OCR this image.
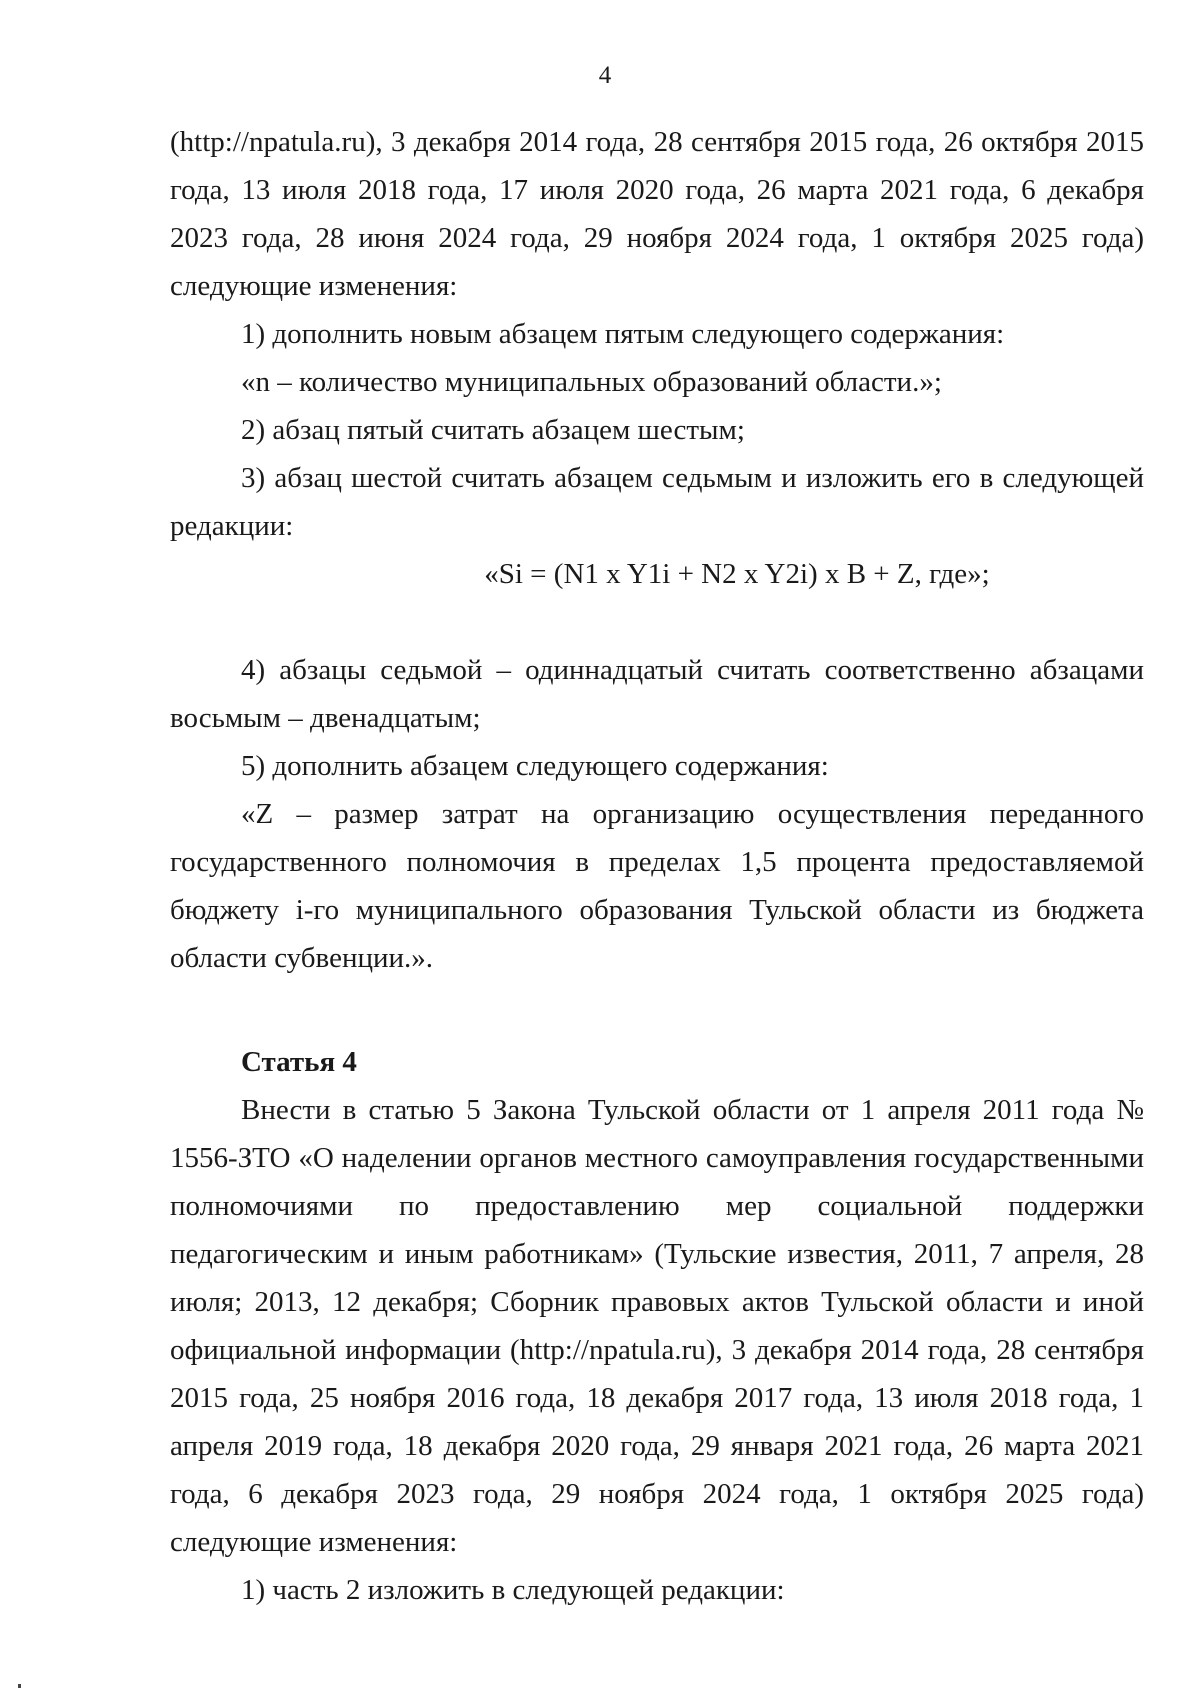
4

(http://npatula.ru), 3 декабря 2014 года, 28 сентября 2015 года, 26 октября 2015 года, 13 июля 2018 года, 17 июля 2020 года, 26 марта 2021 года, 6 декабря 2023 года, 28 июня 2024 года, 29 ноября 2024 года, 1 октября 2025 года) следующие изменения:

1) дополнить новым абзацем пятым следующего содержания:

«n – количество муниципальных образований области.»;

2) абзац пятый считать абзацем шестым;

3) абзац шестой считать абзацем седьмым и изложить его в следующей редакции:

«Si = (N1 x Y1i + N2 x Y2i) x B + Z, где»;

4) абзацы седьмой – одиннадцатый считать соответственно абзацами восьмым – двенадцатым;

5) дополнить абзацем следующего содержания:

«Z – размер затрат на организацию осуществления переданного государственного полномочия в пределах 1,5 процента предоставляемой бюджету i-го муниципального образования Тульской области из бюджета области субвенции.».

Статья 4

Внести в статью 5 Закона Тульской области от 1 апреля 2011 года № 1556-ЗТО «О наделении органов местного самоуправления государственными полномочиями по предоставлению мер социальной поддержки педагогическим и иным работникам» (Тульские известия, 2011, 7 апреля, 28 июля; 2013, 12 декабря; Сборник правовых актов Тульской области и иной официальной информации (http://npatula.ru), 3 декабря 2014 года, 28 сентября 2015 года, 25 ноября 2016 года, 18 декабря 2017 года, 13 июля 2018 года, 1 апреля 2019 года, 18 декабря 2020 года, 29 января 2021 года, 26 марта 2021 года, 6 декабря 2023 года, 29 ноября 2024 года, 1 октября 2025 года) следующие изменения:

1) часть 2 изложить в следующей редакции:
